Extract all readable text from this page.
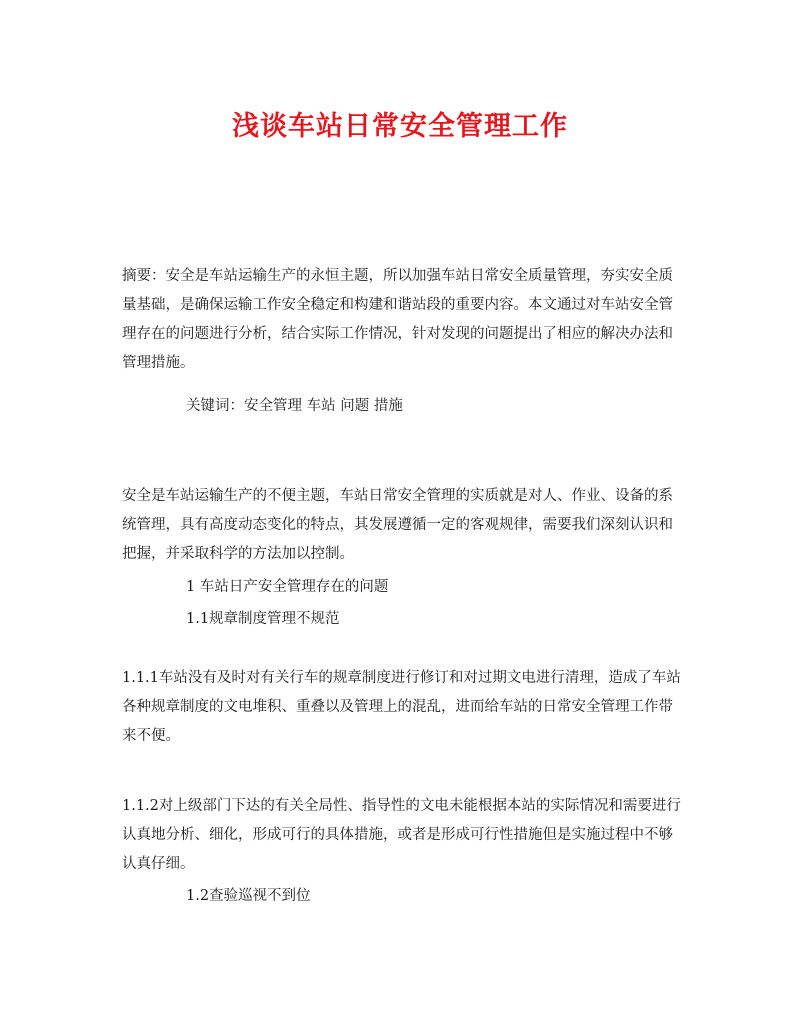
浅谈车站日常安全管理工作

摘要：安全是车站运输生产的永恒主题，所以加强车站日常安全质量管理，夯实安全质量基础，是确保运输工作安全稳定和构建和谐站段的重要内容。本文通过对车站安全管理存在的问题进行分析，结合实际工作情况，针对发现的问题提出了相应的解决办法和管理措施。

关键词：安全管理 车站 问题 措施

安全是车站运输生产的不便主题，车站日常安全管理的实质就是对人、作业、设备的系统管理，具有高度动态变化的特点，其发展遵循一定的客观规律，需要我们深刻认识和把握，并采取科学的方法加以控制。

1 车站日产安全管理存在的问题
1.1规章制度管理不规范

1.1.1车站没有及时对有关行车的规章制度进行修订和对过期文电进行清理，造成了车站各种规章制度的文电堆积、重叠以及管理上的混乱，进而给车站的日常安全管理工作带来不便。

1.1.2对上级部门下达的有关全局性、指导性的文电未能根据本站的实际情况和需要进行认真地分析、细化，形成可行的具体措施，或者是形成可行性措施但是实施过程中不够认真仔细。

1.2查验巡视不到位
